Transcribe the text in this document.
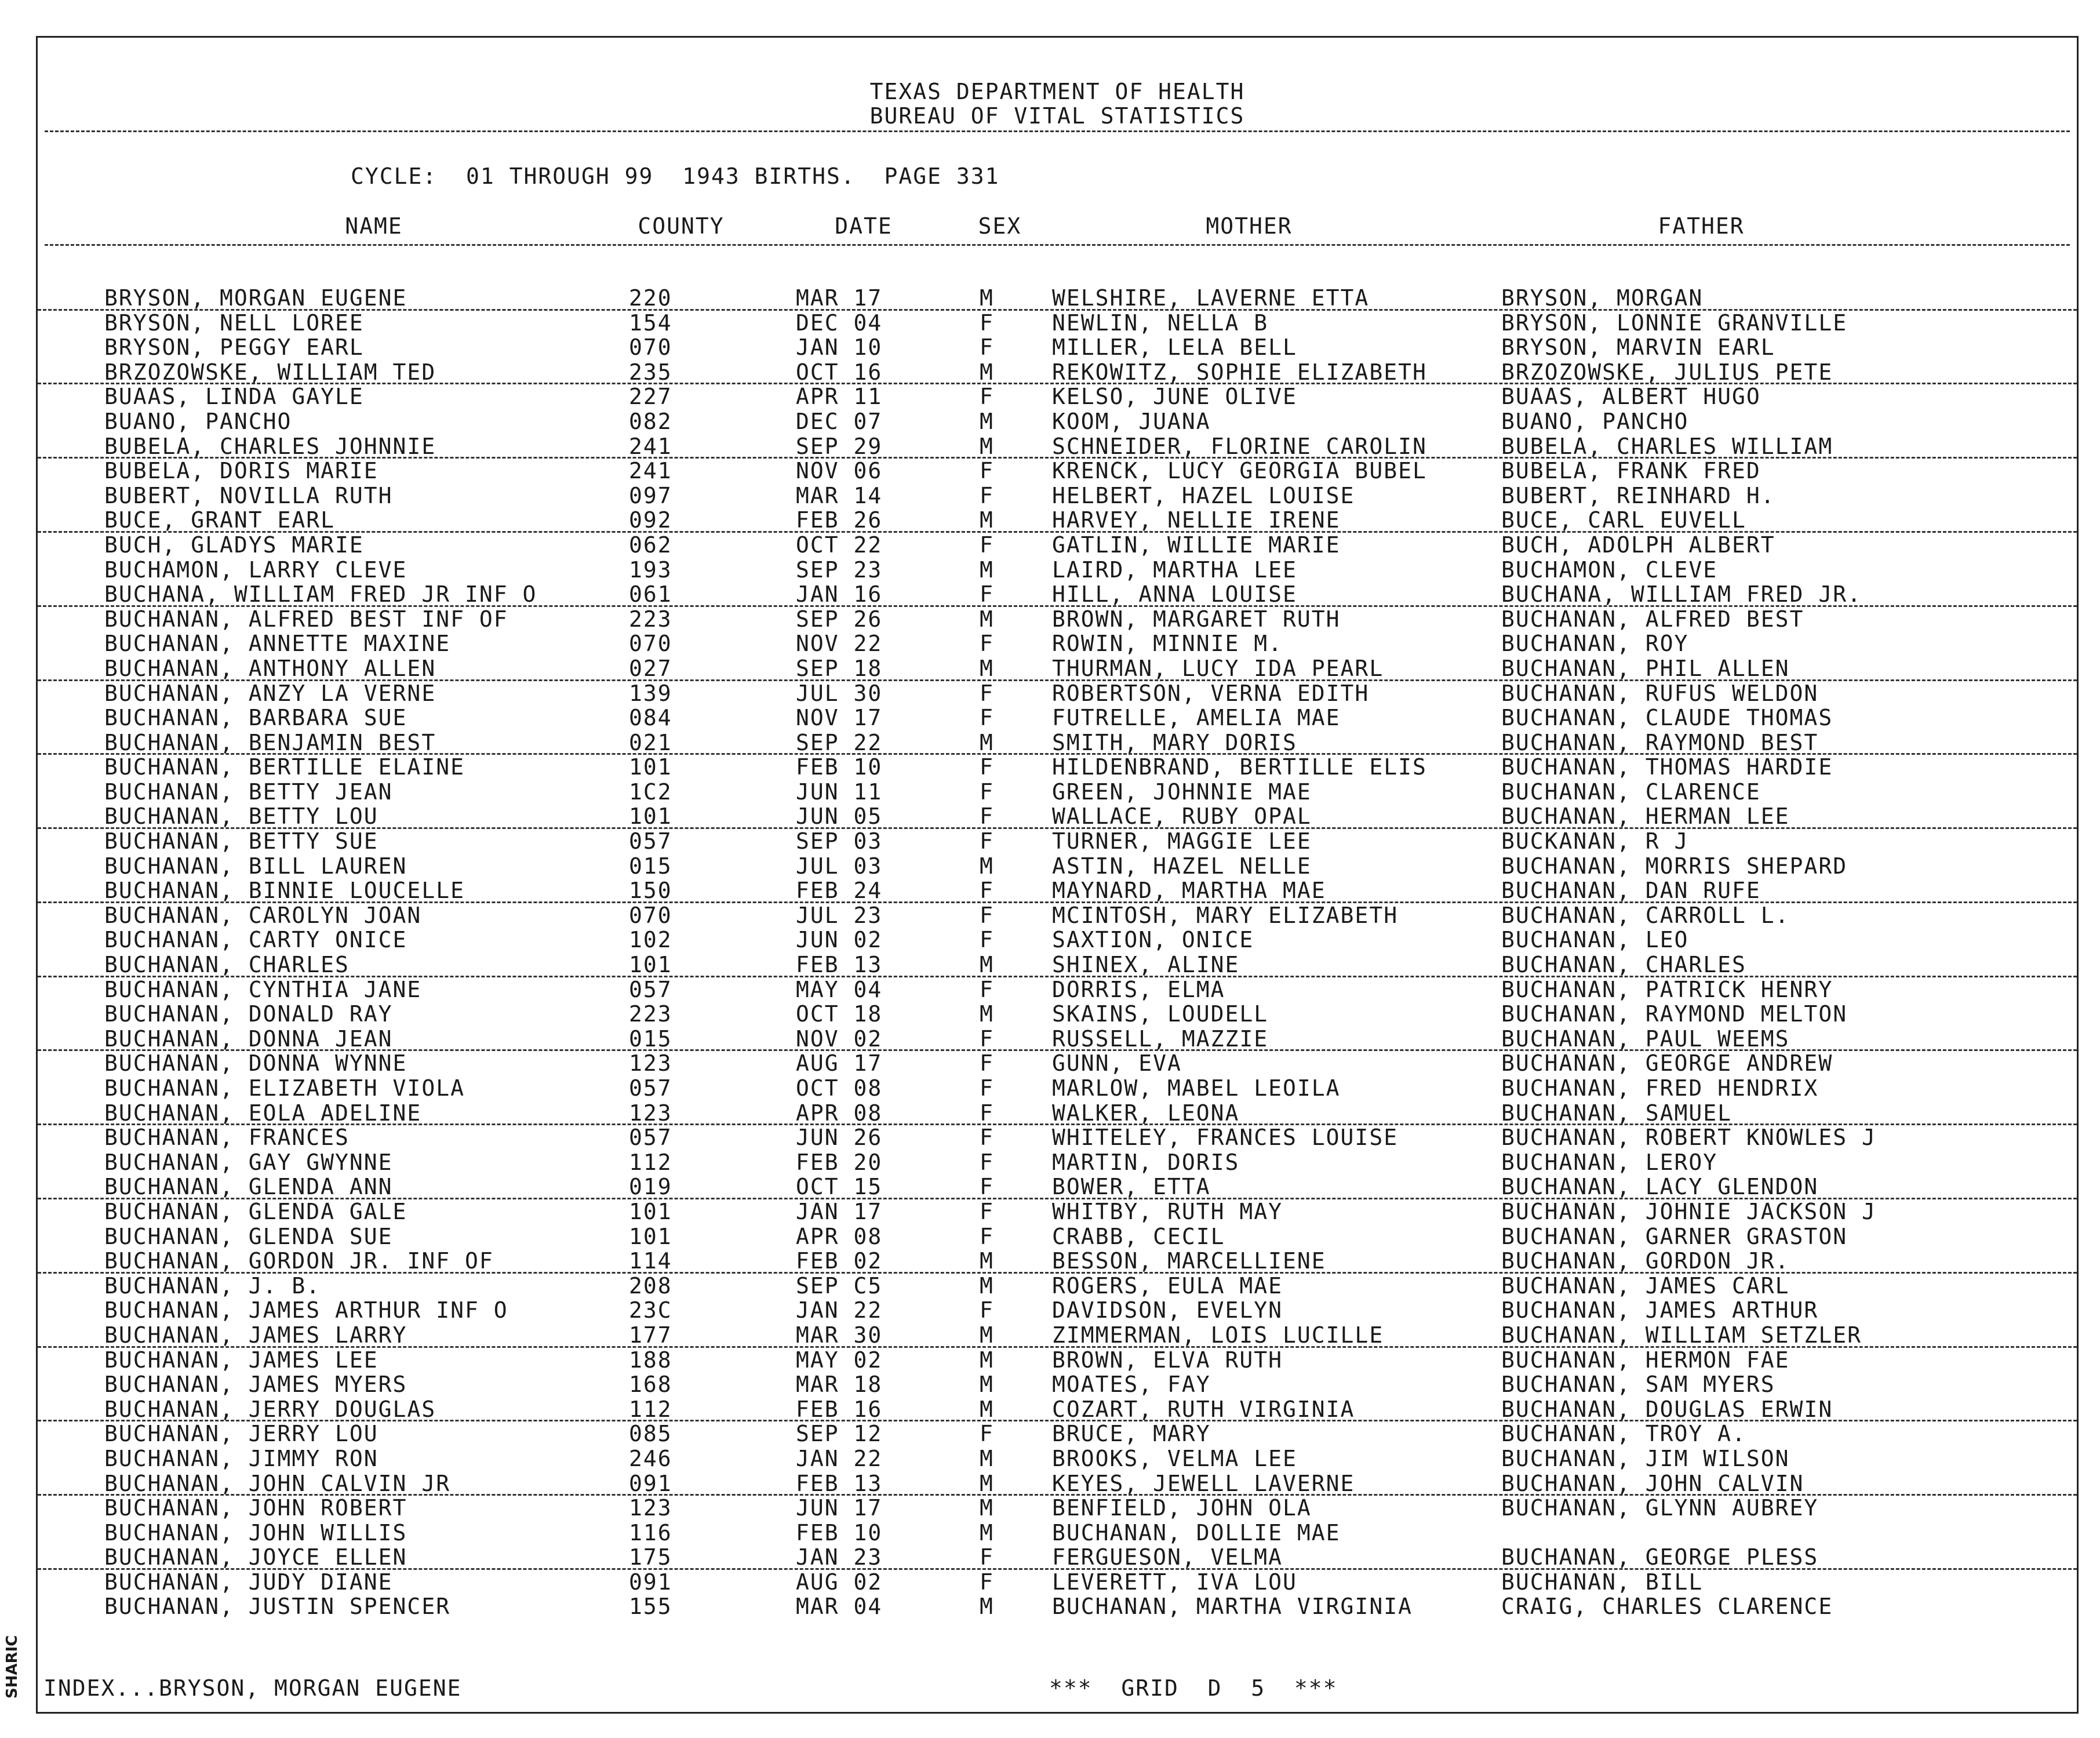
SHARIC
TEXAS DEPARTMENT OF HEALTH
BUREAU OF VITAL STATISTICS
CYCLE:  01 THROUGH 99  1943 BIRTHS.  PAGE 331
NAME	COUNTY	DATE	SEX	MOTHER	FATHER
BRYSON, MORGAN EUGENE	220	MAR 17	M	WELSHIRE, LAVERNE ETTA	BRYSON, MORGAN
BRYSON, NELL LOREE	154	DEC 04	F	NEWLIN, NELLA B	BRYSON, LONNIE GRANVILLE
BRYSON, PEGGY EARL	070	JAN 10	F	MILLER, LELA BELL	BRYSON, MARVIN EARL
BRZOZOWSKE, WILLIAM TED	235	OCT 16	M	REKOWITZ, SOPHIE ELIZABETH	BRZOZOWSKE, JULIUS PETE
BUAAS, LINDA GAYLE	227	APR 11	F	KELSO, JUNE OLIVE	BUAAS, ALBERT HUGO
BUANO, PANCHO	082	DEC 07	M	KOOM, JUANA	BUANO, PANCHO
BUBELA, CHARLES JOHNNIE	241	SEP 29	M	SCHNEIDER, FLORINE CAROLIN	BUBELA, CHARLES WILLIAM
BUBELA, DORIS MARIE	241	NOV 06	F	KRENCK, LUCY GEORGIA BUBEL	BUBELA, FRANK FRED
BUBERT, NOVILLA RUTH	097	MAR 14	F	HELBERT, HAZEL LOUISE	BUBERT, REINHARD H.
BUCE, GRANT EARL	092	FEB 26	M	HARVEY, NELLIE IRENE	BUCE, CARL EUVELL
BUCH, GLADYS MARIE	062	OCT 22	F	GATLIN, WILLIE MARIE	BUCH, ADOLPH ALBERT
BUCHAMON, LARRY CLEVE	193	SEP 23	M	LAIRD, MARTHA LEE	BUCHAMON, CLEVE
BUCHANA, WILLIAM FRED JR INF O	061	JAN 16	F	HILL, ANNA LOUISE	BUCHANA, WILLIAM FRED JR.
BUCHANAN, ALFRED BEST INF OF	223	SEP 26	M	BROWN, MARGARET RUTH	BUCHANAN, ALFRED BEST
BUCHANAN, ANNETTE MAXINE	070	NOV 22	F	ROWIN, MINNIE M.	BUCHANAN, ROY
BUCHANAN, ANTHONY ALLEN	027	SEP 18	M	THURMAN, LUCY IDA PEARL	BUCHANAN, PHIL ALLEN
BUCHANAN, ANZY LA VERNE	139	JUL 30	F	ROBERTSON, VERNA EDITH	BUCHANAN, RUFUS WELDON
BUCHANAN, BARBARA SUE	084	NOV 17	F	FUTRELLE, AMELIA MAE	BUCHANAN, CLAUDE THOMAS
BUCHANAN, BENJAMIN BEST	021	SEP 22	M	SMITH, MARY DORIS	BUCHANAN, RAYMOND BEST
BUCHANAN, BERTILLE ELAINE	101	FEB 10	F	HILDENBRAND, BERTILLE ELIS	BUCHANAN, THOMAS HARDIE
BUCHANAN, BETTY JEAN	1C2	JUN 11	F	GREEN, JOHNNIE MAE	BUCHANAN, CLARENCE
BUCHANAN, BETTY LOU	101	JUN 05	F	WALLACE, RUBY OPAL	BUCHANAN, HERMAN LEE
BUCHANAN, BETTY SUE	057	SEP 03	F	TURNER, MAGGIE LEE	BUCKANAN, R J
BUCHANAN, BILL LAUREN	015	JUL 03	M	ASTIN, HAZEL NELLE	BUCHANAN, MORRIS SHEPARD
BUCHANAN, BINNIE LOUCELLE	150	FEB 24	F	MAYNARD, MARTHA MAE	BUCHANAN, DAN RUFE
BUCHANAN, CAROLYN JOAN	070	JUL 23	F	MCINTOSH, MARY ELIZABETH	BUCHANAN, CARROLL L.
BUCHANAN, CARTY ONICE	102	JUN 02	F	SAXTION, ONICE	BUCHANAN, LEO
BUCHANAN, CHARLES	101	FEB 13	M	SHINEX, ALINE	BUCHANAN, CHARLES
BUCHANAN, CYNTHIA JANE	057	MAY 04	F	DORRIS, ELMA	BUCHANAN, PATRICK HENRY
BUCHANAN, DONALD RAY	223	OCT 18	M	SKAINS, LOUDELL	BUCHANAN, RAYMOND MELTON
BUCHANAN, DONNA JEAN	015	NOV 02	F	RUSSELL, MAZZIE	BUCHANAN, PAUL WEEMS
BUCHANAN, DONNA WYNNE	123	AUG 17	F	GUNN, EVA	BUCHANAN, GEORGE ANDREW
BUCHANAN, ELIZABETH VIOLA	057	OCT 08	F	MARLOW, MABEL LEOILA	BUCHANAN, FRED HENDRIX
BUCHANAN, EOLA ADELINE	123	APR 08	F	WALKER, LEONA	BUCHANAN, SAMUEL
BUCHANAN, FRANCES	057	JUN 26	F	WHITELEY, FRANCES LOUISE	BUCHANAN, ROBERT KNOWLES J
BUCHANAN, GAY GWYNNE	112	FEB 20	F	MARTIN, DORIS	BUCHANAN, LEROY
BUCHANAN, GLENDA ANN	019	OCT 15	F	BOWER, ETTA	BUCHANAN, LACY GLENDON
BUCHANAN, GLENDA GALE	101	JAN 17	F	WHITBY, RUTH MAY	BUCHANAN, JOHNIE JACKSON J
BUCHANAN, GLENDA SUE	101	APR 08	F	CRABB, CECIL	BUCHANAN, GARNER GRASTON
BUCHANAN, GORDON JR. INF OF	114	FEB 02	M	BESSON, MARCELLIENE	BUCHANAN, GORDON JR.
BUCHANAN, J. B.	208	SEP C5	M	ROGERS, EULA MAE	BUCHANAN, JAMES CARL
BUCHANAN, JAMES ARTHUR INF O	23C	JAN 22	F	DAVIDSON, EVELYN	BUCHANAN, JAMES ARTHUR
BUCHANAN, JAMES LARRY	177	MAR 30	M	ZIMMERMAN, LOIS LUCILLE	BUCHANAN, WILLIAM SETZLER
BUCHANAN, JAMES LEE	188	MAY 02	M	BROWN, ELVA RUTH	BUCHANAN, HERMON FAE
BUCHANAN, JAMES MYERS	168	MAR 18	M	MOATES, FAY	BUCHANAN, SAM MYERS
BUCHANAN, JERRY DOUGLAS	112	FEB 16	M	COZART, RUTH VIRGINIA	BUCHANAN, DOUGLAS ERWIN
BUCHANAN, JERRY LOU	085	SEP 12	F	BRUCE, MARY	BUCHANAN, TROY A.
BUCHANAN, JIMMY RON	246	JAN 22	M	BROOKS, VELMA LEE	BUCHANAN, JIM WILSON
BUCHANAN, JOHN CALVIN JR	091	FEB 13	M	KEYES, JEWELL LAVERNE	BUCHANAN, JOHN CALVIN
BUCHANAN, JOHN ROBERT	123	JUN 17	M	BENFIELD, JOHN OLA	BUCHANAN, GLYNN AUBREY
BUCHANAN, JOHN WILLIS	116	FEB 10	M	BUCHANAN, DOLLIE MAE
BUCHANAN, JOYCE ELLEN	175	JAN 23	F	FERGUESON, VELMA	BUCHANAN, GEORGE PLESS
BUCHANAN, JUDY DIANE	091	AUG 02	F	LEVERETT, IVA LOU	BUCHANAN, BILL
BUCHANAN, JUSTIN SPENCER	155	MAR 04	M	BUCHANAN, MARTHA VIRGINIA	CRAIG, CHARLES CLARENCE
INDEX...BRYSON, MORGAN EUGENE	***  GRID  D  5  ***
